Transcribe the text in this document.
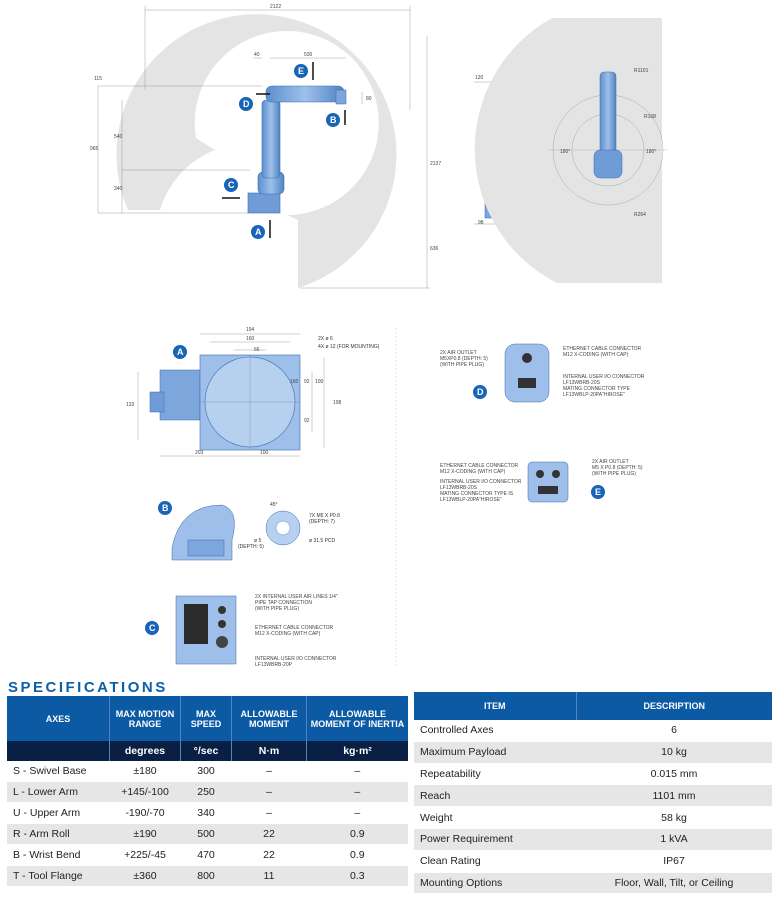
2122
40	530
115
80
965
540
340
2137
636
E
B
D
C
A
120
98
R1101
R168
R264
180°	180°
194
160
66
133
160 92 100
198
92
203	100
2X ø 6
4X ø 12 (FOR MOUNTING)
A
45°
7X M5 X P0.8
(DEPTH: 7)
ø 31.5 PCD
ø 5
(DEPTH: 5)
B
2X INTERNAL USER AIR LINES 1/4"
PIPE TAP CONNECTION
(WITH PIPE PLUG)
ETHERNET CABLE CONNECTOR
M12 X-CODING (WITH CAP)
INTERNAL USER I/O CONNECTOR
LF13WBRB-20P
C
2X AIR OUTLET
M5XP0.8 (DEPTH: 5)
(WITH PIPE PLUG)
ETHERNET CABLE CONNECTOR
M12 X-CODING (WITH CAP)
INTERNAL USER I/O CONNECTOR
LF13WBRB-20S
MATING CONNECTOR TYPE
LF13WBLP-20PA"HIROSE"
D
ETHERNET CABLE CONNECTOR
M12 X-CODING (WITH CAP)
INTERNAL USER I/O CONNECTOR
LF13WBRB-20S
MATING CONNECTOR TYPE IS
LF13WBLP-20PA"HIROSE"
2X AIR OUTLET
M5 X P0.8 (DEPTH: 5)
(WITH PIPE PLUG)
E
SPECIFICATIONS
AXES	MAX MOTION RANGE	MAX SPEED	ALLOWABLE MOMENT	ALLOWABLE MOMENT OF INERTIA
	degrees	°/sec	N·m	kg·m²
S - Swivel Base	±180	300	–	–
L - Lower Arm	+145/-100	250	–	–
U - Upper Arm	-190/-70	340	–	–
R - Arm Roll	±190	500	22	0.9
B - Wrist Bend	+225/-45	470	22	0.9
T - Tool Flange	±360	800	11	0.3
ITEM	DESCRIPTION
Controlled Axes	6
Maximum Payload	10 kg
Repeatability	0.015 mm
Reach	1101 mm
Weight	58 kg
Power Requirement	1 kVA
Clean Rating	IP67
Mounting Options	Floor, Wall, Tilt, or Ceiling
